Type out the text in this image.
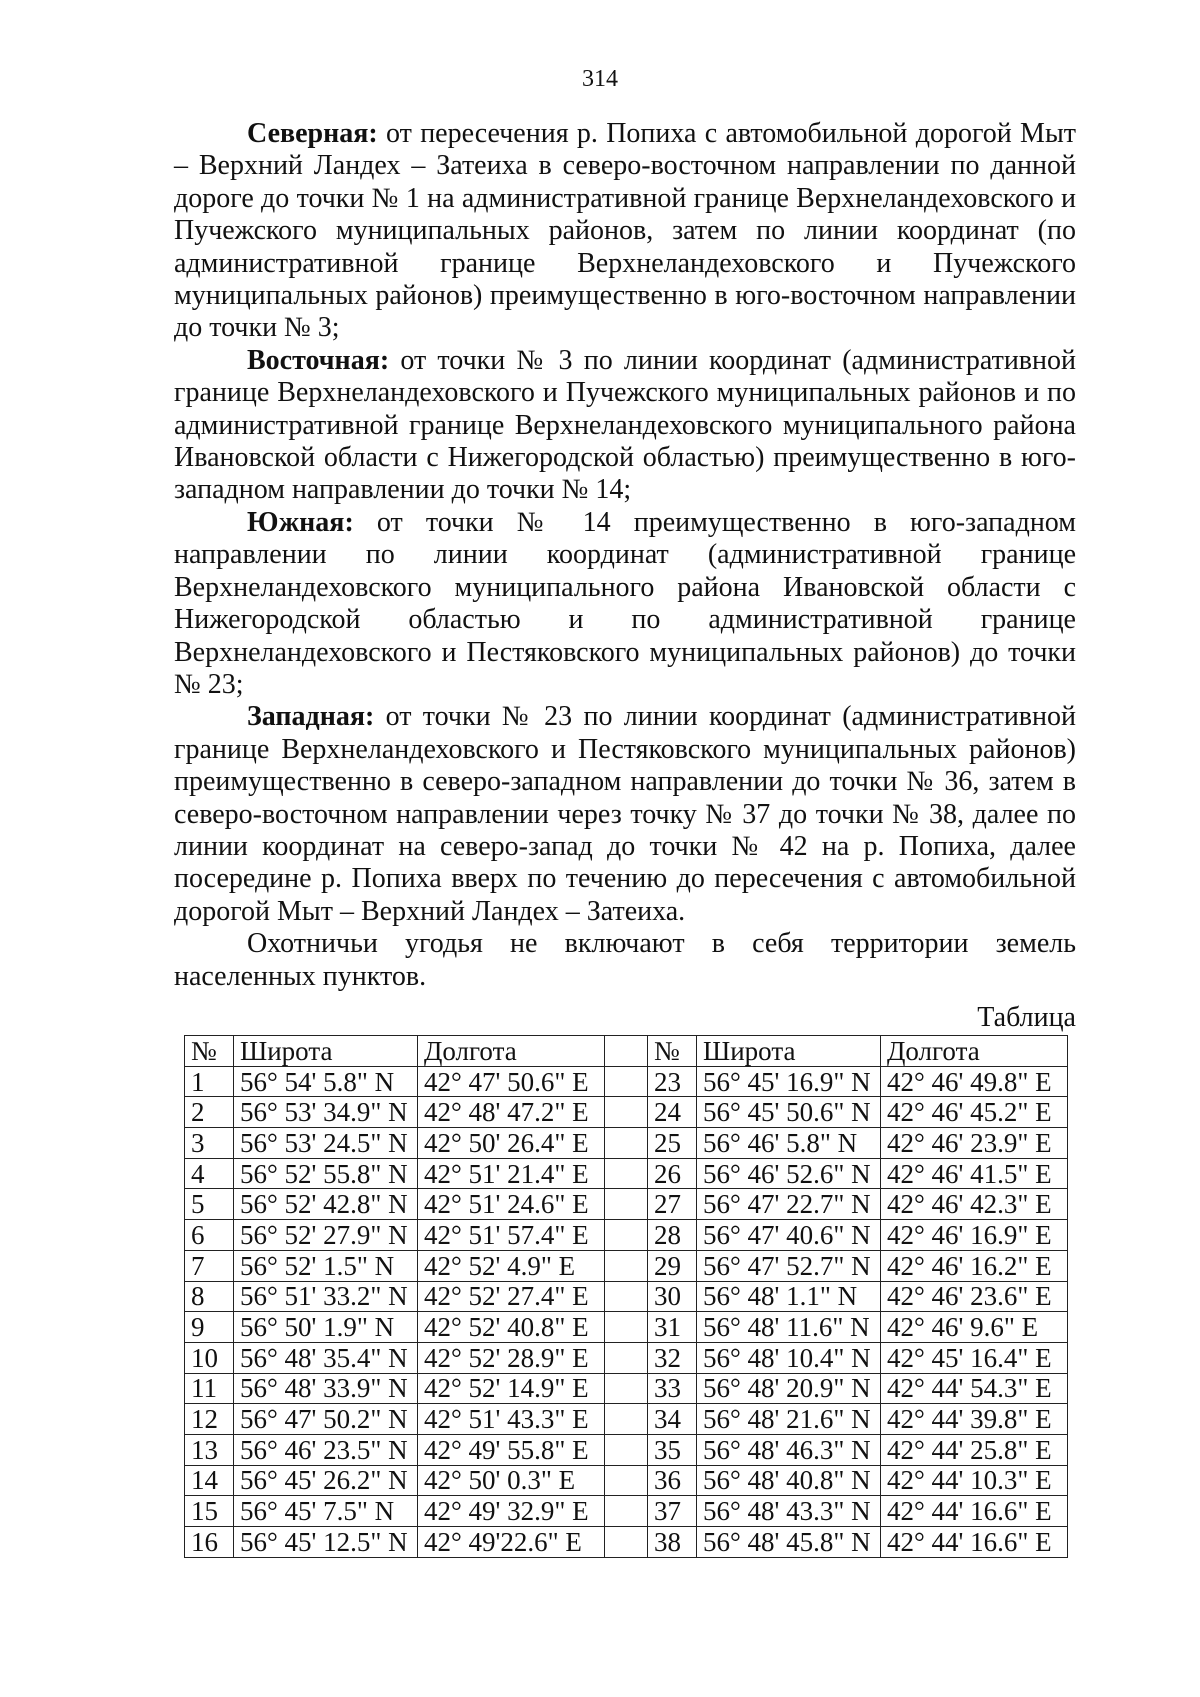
314

Северная: от пересечения р. Попиха с автомобильной дорогой Мыт – Верхний Ландех – Затеиха в северо-восточном направлении по данной дороге до точки № 1 на административной границе Верхнеландеховского и Пучежского муниципальных районов, затем по линии координат (по административной границе Верхнеландеховского и Пучежского муниципальных районов) преимущественно в юго-восточном направлении до точки № 3;

Восточная: от точки № 3 по линии координат (административной границе Верхнеландеховского и Пучежского муниципальных районов и по административной границе Верхнеландеховского муниципального района Ивановской области с Нижегородской областью) преимущественно в юго-западном направлении до точки № 14;

Южная: от точки № 14 преимущественно в юго-западном направлении по линии координат (административной границе Верхнеландеховского муниципального района Ивановской области с Нижегородской областью и по административной границе Верхнеландеховского и Пестяковского муниципальных районов) до точки № 23;

Западная: от точки № 23 по линии координат (административной границе Верхнеландеховского и Пестяковского муниципальных районов) преимущественно в северо-западном направлении до точки № 36, затем в северо-восточном направлении через точку № 37 до точки № 38, далее по линии координат на северо-запад до точки № 42 на р. Попиха, далее посередине р. Попиха вверх по течению до пересечения с автомобильной дорогой Мыт – Верхний Ландех – Затеиха.

Охотничьи угодья не включают в себя территории земель населенных пунктов.

Таблица
№	Широта	Долгота		№	Широта	Долгота
1	56° 54' 5.8" N	42° 47' 50.6" E		23	56° 45' 16.9" N	42° 46' 49.8" E
2	56° 53' 34.9" N	42° 48' 47.2" E		24	56° 45' 50.6" N	42° 46' 45.2" E
3	56° 53' 24.5" N	42° 50' 26.4" E		25	56° 46' 5.8" N	42° 46' 23.9" E
4	56° 52' 55.8" N	42° 51' 21.4" E		26	56° 46' 52.6" N	42° 46' 41.5" E
5	56° 52' 42.8" N	42° 51' 24.6" E		27	56° 47' 22.7" N	42° 46' 42.3" E
6	56° 52' 27.9" N	42° 51' 57.4" E		28	56° 47' 40.6" N	42° 46' 16.9" E
7	56° 52' 1.5" N	42° 52' 4.9" E		29	56° 47' 52.7" N	42° 46' 16.2" E
8	56° 51' 33.2" N	42° 52' 27.4" E		30	56° 48' 1.1" N	42° 46' 23.6" E
9	56° 50' 1.9" N	42° 52' 40.8" E		31	56° 48' 11.6" N	42° 46' 9.6" E
10	56° 48' 35.4" N	42° 52' 28.9" E		32	56° 48' 10.4" N	42° 45' 16.4" E
11	56° 48' 33.9" N	42° 52' 14.9" E		33	56° 48' 20.9" N	42° 44' 54.3" E
12	56° 47' 50.2" N	42° 51' 43.3" E		34	56° 48' 21.6" N	42° 44' 39.8" E
13	56° 46' 23.5" N	42° 49' 55.8" E		35	56° 48' 46.3" N	42° 44' 25.8" E
14	56° 45' 26.2" N	42° 50' 0.3" E		36	56° 48' 40.8" N	42° 44' 10.3" E
15	56° 45' 7.5" N	42° 49' 32.9" E		37	56° 48' 43.3" N	42° 44' 16.6" E
16	56° 45' 12.5" N	42° 49'22.6" E		38	56° 48' 45.8" N	42° 44' 16.6" E
